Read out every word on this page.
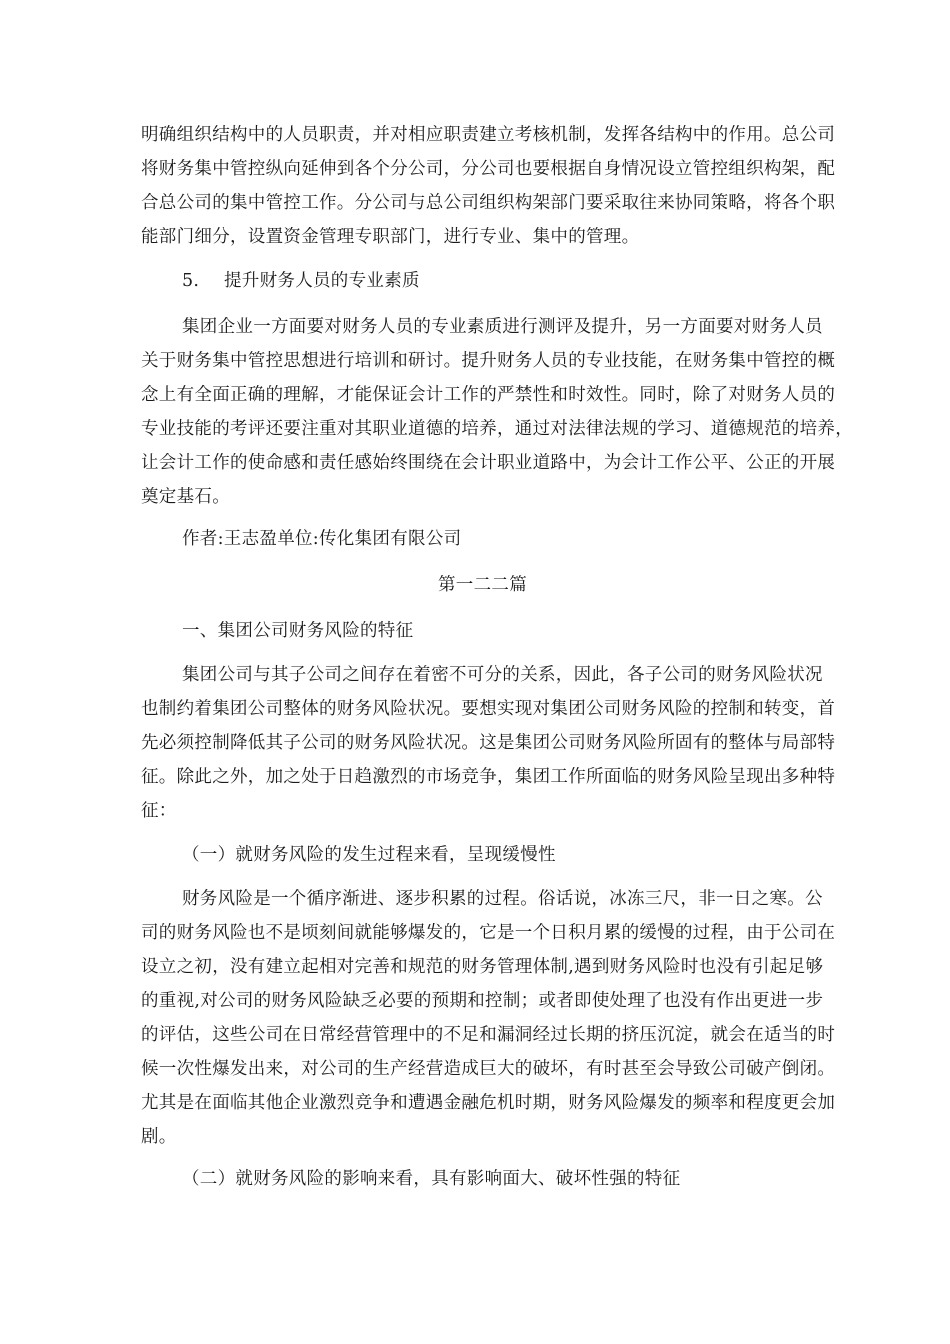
明确组织结构中的人员职责，并对相应职责建立考核机制，发挥各结构中的作用。总公司
将财务集中管控纵向延伸到各个分公司，分公司也要根据自身情况设立管控组织构架，配
合总公司的集中管控工作。分公司与总公司组织构架部门要采取往来协同策略，将各个职
能部门细分，设置资金管理专职部门，进行专业、集中的管理。
5. 提升财务人员的专业素质
集团企业一方面要对财务人员的专业素质进行测评及提升，另一方面要对财务人员
关于财务集中管控思想进行培训和研讨。提升财务人员的专业技能，在财务集中管控的概
念上有全面正确的理解，才能保证会计工作的严禁性和时效性。同时，除了对财务人员的
专业技能的考评还要注重对其职业道德的培养，通过对法律法规的学习、道德规范的培养，
让会计工作的使命感和责任感始终围绕在会计职业道路中，为会计工作公平、公正的开展
奠定基石。
作者:王志盈单位:传化集团有限公司
第一二二篇
一、集团公司财务风险的特征
集团公司与其子公司之间存在着密不可分的关系，因此，各子公司的财务风险状况
也制约着集团公司整体的财务风险状况。要想实现对集团公司财务风险的控制和转变，首
先必须控制降低其子公司的财务风险状况。这是集团公司财务风险所固有的整体与局部特
征。除此之外，加之处于日趋激烈的市场竞争，集团工作所面临的财务风险呈现出多种特
征：
（一）就财务风险的发生过程来看，呈现缓慢性
财务风险是一个循序渐进、逐步积累的过程。俗话说，冰冻三尺，非一日之寒。公
司的财务风险也不是顷刻间就能够爆发的，它是一个日积月累的缓慢的过程，由于公司在
设立之初，没有建立起相对完善和规范的财务管理体制,遇到财务风险时也没有引起足够
的重视,对公司的财务风险缺乏必要的预期和控制；或者即使处理了也没有作出更进一步
的评估，这些公司在日常经营管理中的不足和漏洞经过长期的挤压沉淀，就会在适当的时
候一次性爆发出来，对公司的生产经营造成巨大的破坏，有时甚至会导致公司破产倒闭。
尤其是在面临其他企业激烈竞争和遭遇金融危机时期，财务风险爆发的频率和程度更会加
剧。
（二）就财务风险的影响来看，具有影响面大、破坏性强的特征
